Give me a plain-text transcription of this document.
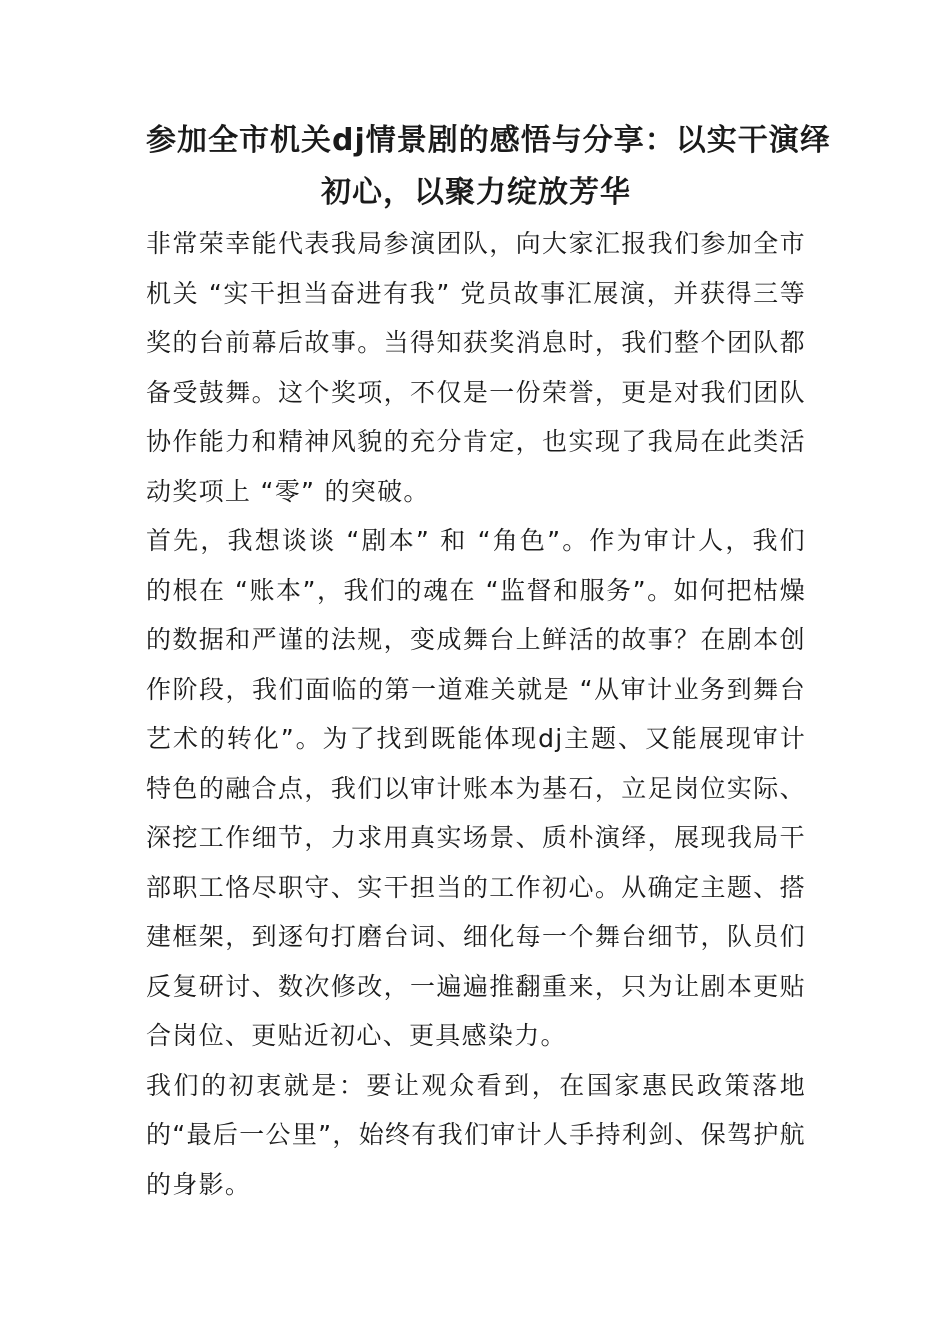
参加全市机关dj情景剧的感悟与分享：以实干演绎
初心，以聚力绽放芳华

非常荣幸能代表我局参演团队，向大家汇报我们参加全市机关 “实干担当奋进有我” 党员故事汇展演，并获得三等奖的台前幕后故事。当得知获奖消息时，我们整个团队都备受鼓舞。这个奖项，不仅是一份荣誉，更是对我们团队协作能力和精神风貌的充分肯定，也实现了我局在此类活动奖项上 “零” 的突破。

首先，我想谈谈 “剧本” 和 “角色”。作为审计人，我们的根在 “账本”，我们的魂在 “监督和服务”。如何把枯燥的数据和严谨的法规，变成舞台上鲜活的故事？在剧本创作阶段，我们面临的第一道难关就是 “从审计业务到舞台艺术的转化”。为了找到既能体现dj主题、又能展现审计特色的融合点，我们以审计账本为基石，立足岗位实际、深挖工作细节，力求用真实场景、质朴演绎，展现我局干部职工恪尽职守、实干担当的工作初心。从确定主题、搭建框架，到逐句打磨台词、细化每一个舞台细节，队员们反复研讨、数次修改，一遍遍推翻重来，只为让剧本更贴合岗位、更贴近初心、更具感染力。

我们的初衷就是：要让观众看到，在国家惠民政策落地的“最后一公里”，始终有我们审计人手持利剑、保驾护航的身影。
